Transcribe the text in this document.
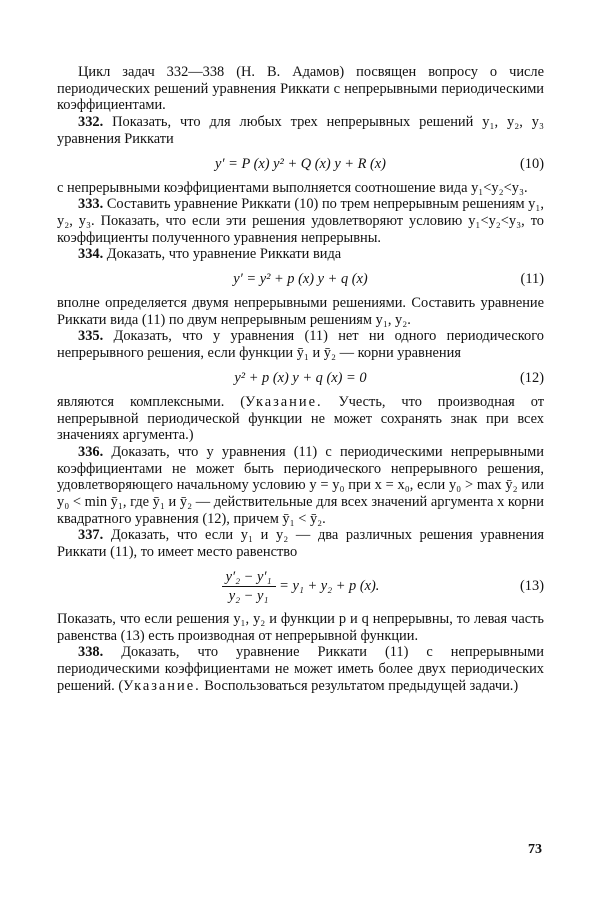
Цикл задач 332—338 (Н. В. Адамов) посвящен вопросу о числе периодических решений уравнения Риккати с непрерывными периодическими коэффициентами.

332. Показать, что для любых трех непрерывных решений y₁, y₂, y₃ уравнения Риккати

y′ = P (x) y² + Q (x) y + R (x)	(10)

с непрерывными коэффициентами выполняется соотношение вида y₁<y₂<y₃.

333. Составить уравнение Риккати (10) по трем непрерывным решениям y₁, y₂, y₃. Показать, что если эти решения удовлетворяют условию y₁<y₂<y₃, то коэффициенты полученного уравнения непрерывны.

334. Доказать, что уравнение Риккати вида

y′ = y² + p (x) y + q (x)	(11)

вполне определяется двумя непрерывными решениями. Составить уравнение Риккати вида (11) по двум непрерывным решениям y₁, y₂.

335. Доказать, что у уравнения (11) нет ни одного периодического непрерывного решения, если функции ȳ₁ и ȳ₂ — корни уравнения

y² + p (x) y + q (x) = 0	(12)

являются комплексными. (Указание. Учесть, что производная от непрерывной периодической функции не может сохранять знак при всех значениях аргумента.)

336. Доказать, что у уравнения (11) с периодическими непрерывными коэффициентами не может быть периодического непрерывного решения, удовлетворяющего начальному условию y = y₀ при x = x₀, если y₀ > max ȳ₂ или y₀ < min ȳ₁, где ȳ₁ и ȳ₂ — действительные для всех значений аргумента x корни квадратного уравнения (12), причем ȳ₁ < ȳ₂.

337. Доказать, что если y₁ и y₂ — два различных решения уравнения Риккати (11), то имеет место равенство

$\frac{\text{y′₂ − y′₁}}{\text{y₂ − y₁}} = y_1 + y_2 + p$ (x).	(13)

Показать, что если решения y₁, y₂ и функции p и q непрерывны, то левая часть равенства (13) есть производная от непрерывной функции.

338. Доказать, что уравнение Риккати (11) с непрерывными периодическими коэффициентами не может иметь более двух периодических решений. (Указание. Воспользоваться результатом предыдущей задачи.)

73
